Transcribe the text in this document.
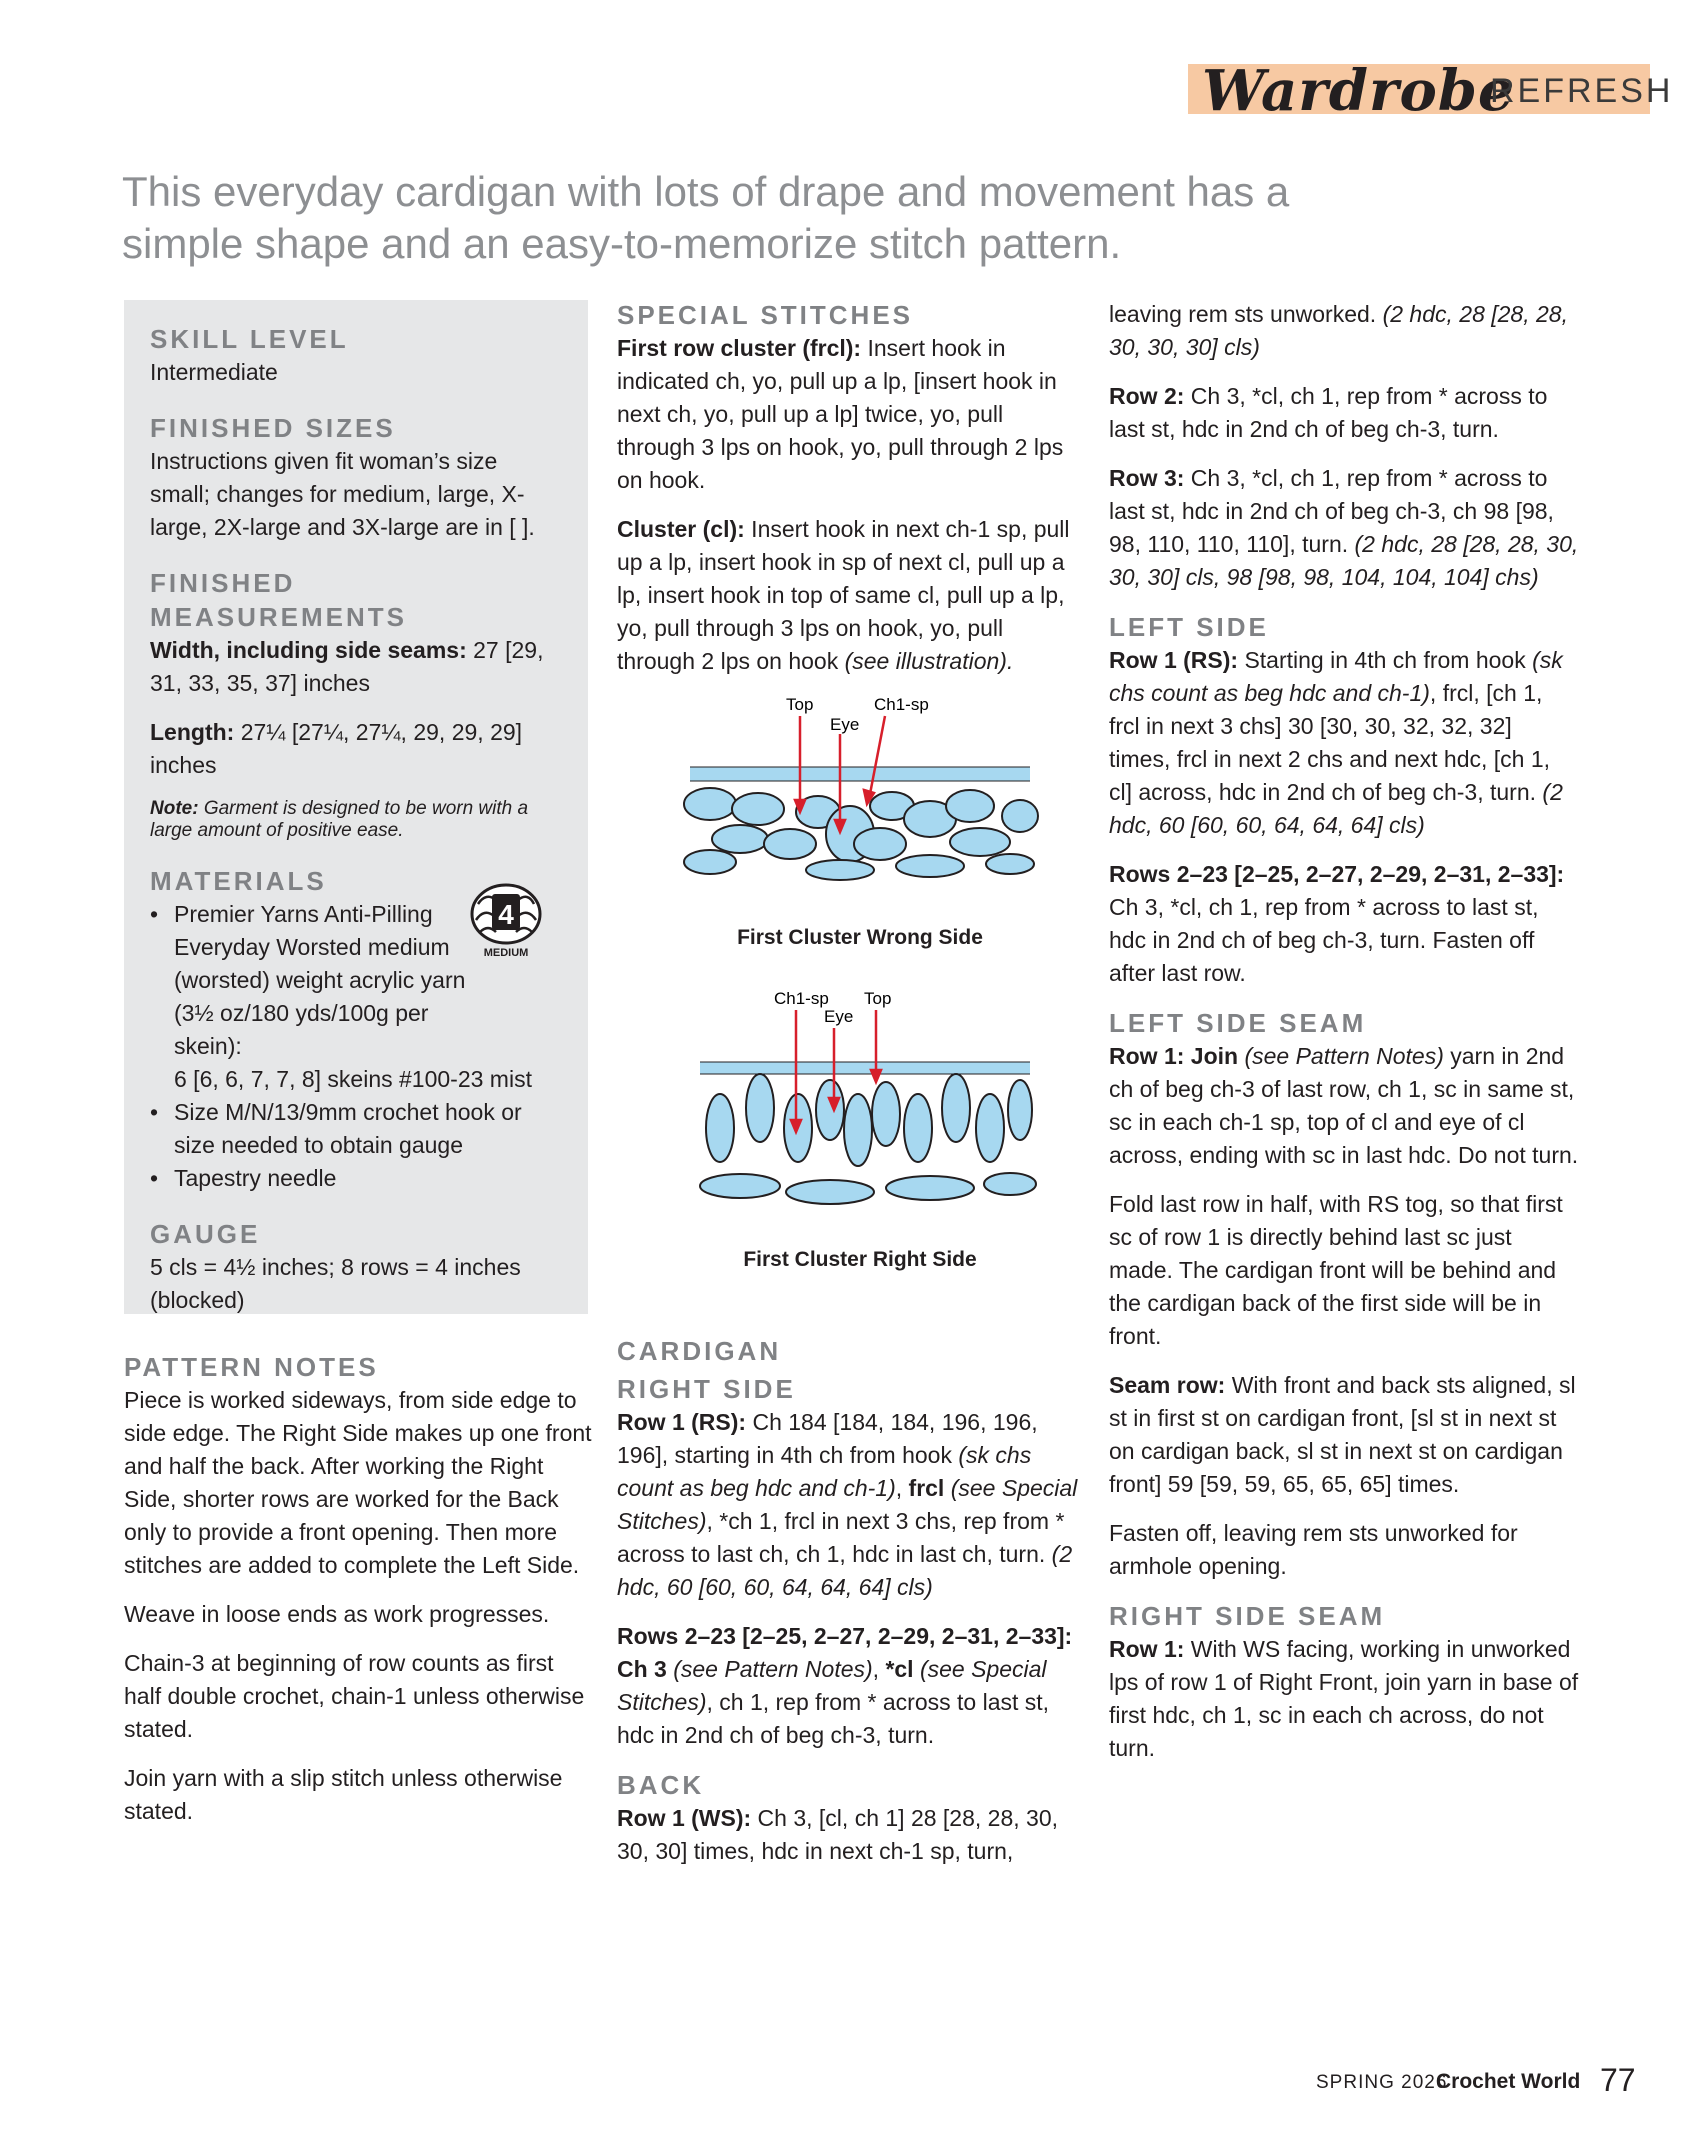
Wardrobe
REFRESH
This everyday cardigan with lots of drape and movement has a simple shape and an easy-to-memorize stitch pattern.
SKILL LEVEL
Intermediate
FINISHED SIZES
Instructions given fit woman’s size small; changes for medium, large, X-large, 2X-large and 3X-large are in [ ].
FINISHED MEASUREMENTS

Width, including side seams: 27 [29, 31, 33, 35, 37] inches

Length: 27¼ [27¼, 27¼, 29, 29, 29] inches

Note: Garment is designed to be worn with a large amount of positive ease.
MATERIALS
• Premier Yarns Anti-Pilling Everyday Worsted medium (worsted) weight acrylic yarn (3½ oz/180 yds/100g per skein):
6 [6, 6, 7, 7, 8] skeins #100-23 mist
• Size M/N/13/9mm crochet hook or size needed to obtain gauge
• Tapestry needle
GAUGE
5 cls = 4½ inches; 8 rows = 4 inches (blocked)
4
MEDIUM
PATTERN NOTES

Piece is worked sideways, from side edge to side edge. The Right Side makes up one front and half the back. After working the Right Side, shorter rows are worked for the Back only to provide a front opening. Then more stitches are added to complete the Left Side.

Weave in loose ends as work progresses.

Chain-3 at beginning of row counts as first half double crochet, chain-1 unless otherwise stated.

Join yarn with a slip stitch unless otherwise stated.

SPECIAL STITCHES

First row cluster (frcl): Insert hook in indicated ch, yo, pull up a lp, [insert hook in next ch, yo, pull up a lp] twice, yo, pull through 3 lps on hook, yo, pull through 2 lps on hook.

Cluster (cl): Insert hook in next ch-1 sp, pull up a lp, insert hook in sp of next cl, pull up a lp, insert hook in top of same cl, pull up a lp, yo, pull through 3 lps on hook, yo, pull through 2 lps on hook (see illustration).

Top	Ch1-sp
Eye
First Cluster Wrong Side
Ch1-sp Top
Eye
First Cluster Right Side
CARDIGAN
RIGHT SIDE

Row 1 (RS): Ch 184 [184, 184, 196, 196, 196], starting in 4th ch from hook (sk chs count as beg hdc and ch-1), frcl (see Special Stitches), *ch 1, frcl in next 3 chs, rep from * across to last ch, ch 1, hdc in last ch, turn. (2 hdc, 60 [60, 60, 64, 64, 64] cls)

Rows 2–23 [2–25, 2–27, 2–29, 2–31, 2–33]: Ch 3 (see Pattern Notes), *cl (see Special Stitches), ch 1, rep from * across to last st, hdc in 2nd ch of beg ch-3, turn.

BACK

Row 1 (WS): Ch 3, [cl, ch 1] 28 [28, 28, 30, 30, 30] times, hdc in next ch-1 sp, turn,

leaving rem sts unworked. (2 hdc, 28 [28, 28, 30, 30, 30] cls)

Row 2: Ch 3, *cl, ch 1, rep from * across to last st, hdc in 2nd ch of beg ch-3, turn.

Row 3: Ch 3, *cl, ch 1, rep from * across to last st, hdc in 2nd ch of beg ch-3, ch 98 [98, 98, 110, 110, 110], turn. (2 hdc, 28 [28, 28, 30, 30, 30] cls, 98 [98, 98, 104, 104, 104] chs)

LEFT SIDE

Row 1 (RS): Starting in 4th ch from hook (sk chs count as beg hdc and ch-1), frcl, [ch 1, frcl in next 3 chs] 30 [30, 30, 32, 32, 32] times, frcl in next 2 chs and next hdc, [ch 1, cl] across, hdc in 2nd ch of beg ch-3, turn. (2 hdc, 60 [60, 60, 64, 64, 64] cls)

Rows 2–23 [2–25, 2–27, 2–29, 2–31, 2–33]: Ch 3, *cl, ch 1, rep from * across to last st, hdc in 2nd ch of beg ch-3, turn. Fasten off after last row.

LEFT SIDE SEAM

Row 1: Join (see Pattern Notes) yarn in 2nd ch of beg ch-3 of last row, ch 1, sc in same st, sc in each ch-1 sp, top of cl and eye of cl across, ending with sc in last hdc. Do not turn.

Fold last row in half, with RS tog, so that first sc of row 1 is directly behind last sc just made. The cardigan front will be behind and the cardigan back of the first side will be in front.

Seam row: With front and back sts aligned, sl st in first st on cardigan front, [sl st in next st on cardigan back, sl st in next st on cardigan front] 59 [59, 59, 65, 65, 65] times.

Fasten off, leaving rem sts unworked for armhole opening.

RIGHT SIDE SEAM

Row 1: With WS facing, working in unworked lps of row 1 of Right Front, join yarn in base of first hdc, ch 1, sc in each ch across, do not turn.

SPRING 2026
Crochet World 77
